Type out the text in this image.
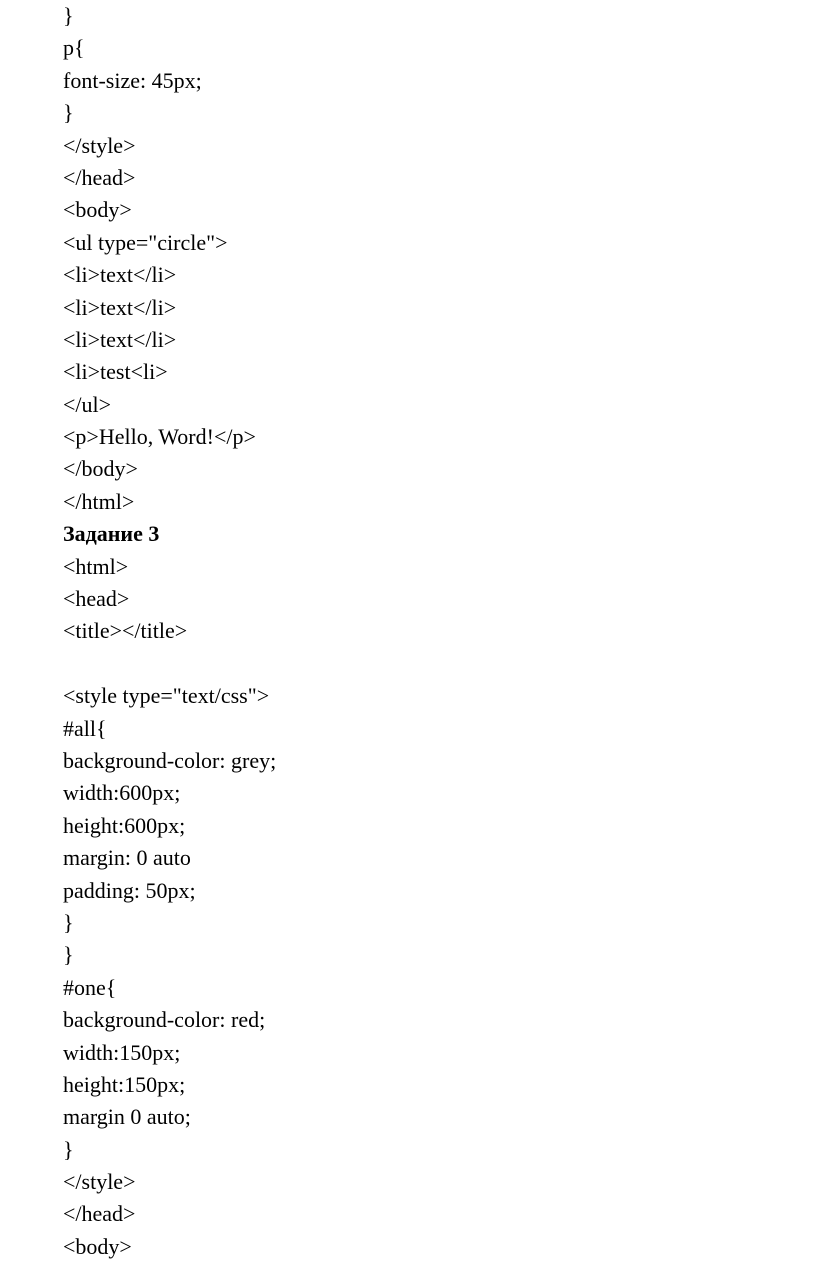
}
p{
font-size: 45px;
}
</style>
</head>
<body>
<ul type="circle">
<li>text</li>
<li>text</li>
<li>text</li>
<li>test<li>
</ul>
<p>Hello, Word!</p>
</body>
</html>
Задание 3
<html>
<head>
<title></title>
<style type="text/css">
#all{
background-color: grey;
width:600px;
height:600px;
margin: 0 auto
padding: 50px;
}
}
#one{
background-color: red;
width:150px;
height:150px;
margin 0 auto;
}
</style>
</head>
<body>
